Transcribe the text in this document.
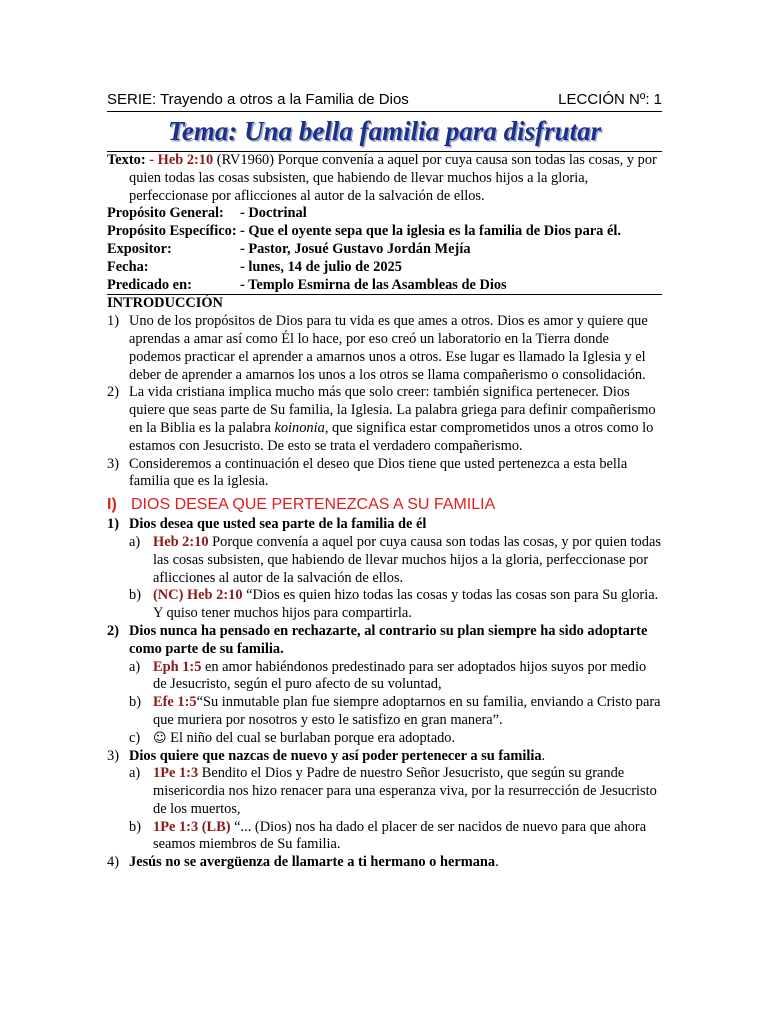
SERIE: Trayendo a otros a la Familia de Dios	LECCIÓN Nº: 1
Tema: Una bella familia para disfrutar
Texto: - Heb 2:10 (RV1960) Porque convenía a aquel por cuya causa son todas las cosas, y por quien todas las cosas subsisten, que habiendo de llevar muchos hijos a la gloria, perfeccionase por aflicciones al autor de la salvación de ellos.
Propósito General:	- Doctrinal
Propósito Específico: - Que el oyente sepa que la iglesia es la familia de Dios para él.
Expositor:	- Pastor, Josué Gustavo Jordán Mejía
Fecha:	- lunes, 14 de julio de 2025
Predicado en:	- Templo Esmirna de las Asambleas de Dios
INTRODUCCIÓN
1) Uno de los propósitos de Dios para tu vida es que ames a otros. Dios es amor y quiere que aprendas a amar así como Él lo hace, por eso creó un laboratorio en la Tierra donde podemos practicar el aprender a amarnos unos a otros. Ese lugar es llamado la Iglesia y el deber de aprender a amarnos los unos a los otros se llama compañerismo o consolidación.
2) La vida cristiana implica mucho más que solo creer: también significa pertenecer. Dios quiere que seas parte de Su familia, la Iglesia. La palabra griega para definir compañerismo en la Biblia es la palabra koinonia, que significa estar comprometidos unos a otros como lo estamos con Jesucristo. De esto se trata el verdadero compañerismo.
3) Consideremos a continuación el deseo que Dios tiene que usted pertenezca a esta bella familia que es la iglesia.
I) DIOS DESEA QUE PERTENEZCAS A SU FAMILIA
1) Dios desea que usted sea parte de la familia de él
a) Heb 2:10 Porque convenía a aquel por cuya causa son todas las cosas, y por quien todas las cosas subsisten, que habiendo de llevar muchos hijos a la gloria, perfeccionase por aflicciones al autor de la salvación de ellos.
b) (NC) Heb 2:10 “Dios es quien hizo todas las cosas y todas las cosas son para Su gloria. Y quiso tener muchos hijos para compartirla.
2) Dios nunca ha pensado en rechazarte, al contrario su plan siempre ha sido adoptarte como parte de su familia.
a) Eph 1:5 en amor habiéndonos predestinado para ser adoptados hijos suyos por medio de Jesucristo, según el puro afecto de su voluntad,
b) Efe 1:5“Su inmutable plan fue siempre adoptarnos en su familia, enviando a Cristo para que muriera por nosotros y esto le satisfizo en gran manera”.
c) ☺ El niño del cual se burlaban porque era adoptado.
3) Dios quiere que nazcas de nuevo y así poder pertenecer a su familia.
a) 1Pe 1:3 Bendito el Dios y Padre de nuestro Señor Jesucristo, que según su grande misericordia nos hizo renacer para una esperanza viva, por la resurrección de Jesucristo de los muertos,
b) 1Pe 1:3 (LB) “... (Dios) nos ha dado el placer de ser nacidos de nuevo para que ahora seamos miembros de Su familia.
4) Jesús no se avergüenza de llamarte a ti hermano o hermana.
